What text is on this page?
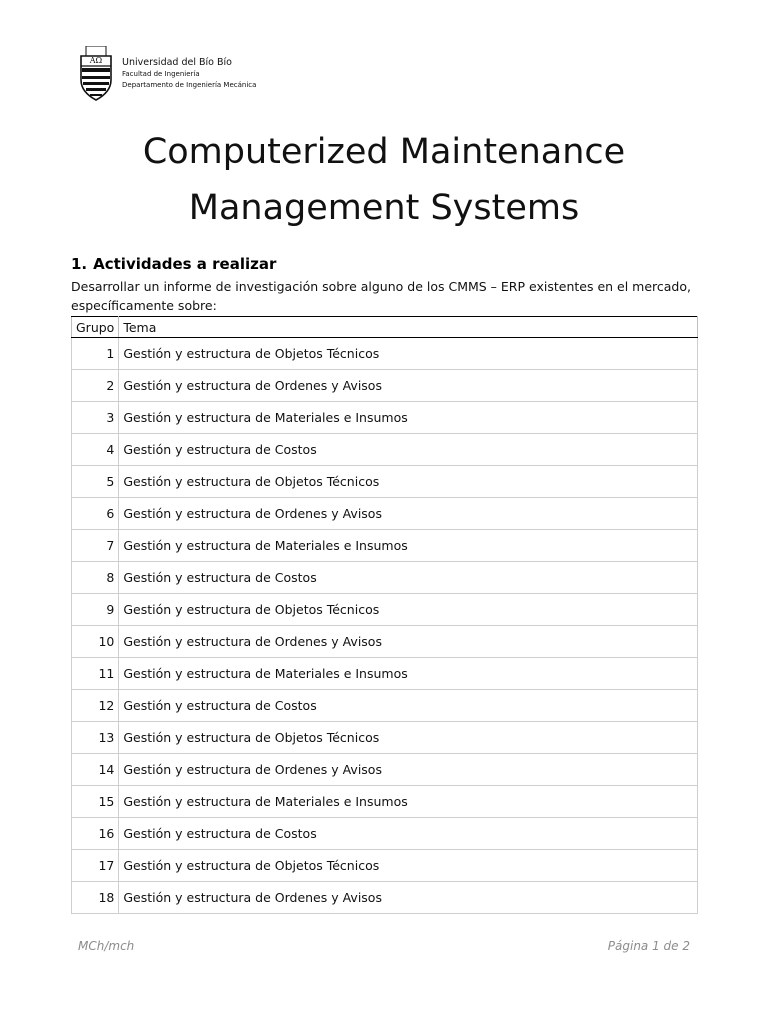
AΩ Universidad del Bío Bío
Facultad de Ingeniería
Departamento de Ingeniería Mecánica
Computerized Maintenance
Management Systems
1. Actividades a realizar

Desarrollar un informe de investigación sobre alguno de los CMMS – ERP existentes en el mercado, específicamente sobre:

Grupo	Tema
1	Gestión y estructura de Objetos Técnicos
2	Gestión y estructura de Ordenes y Avisos
3	Gestión y estructura de Materiales e Insumos
4	Gestión y estructura de Costos
5	Gestión y estructura de Objetos Técnicos
6	Gestión y estructura de Ordenes y Avisos
7	Gestión y estructura de Materiales e Insumos
8	Gestión y estructura de Costos
9	Gestión y estructura de Objetos Técnicos
10	Gestión y estructura de Ordenes y Avisos
11	Gestión y estructura de Materiales e Insumos
12	Gestión y estructura de Costos
13	Gestión y estructura de Objetos Técnicos
14	Gestión y estructura de Ordenes y Avisos
15	Gestión y estructura de Materiales e Insumos
16	Gestión y estructura de Costos
17	Gestión y estructura de Objetos Técnicos
18	Gestión y estructura de Ordenes y Avisos
MCh/mch	Página 1 de 2
